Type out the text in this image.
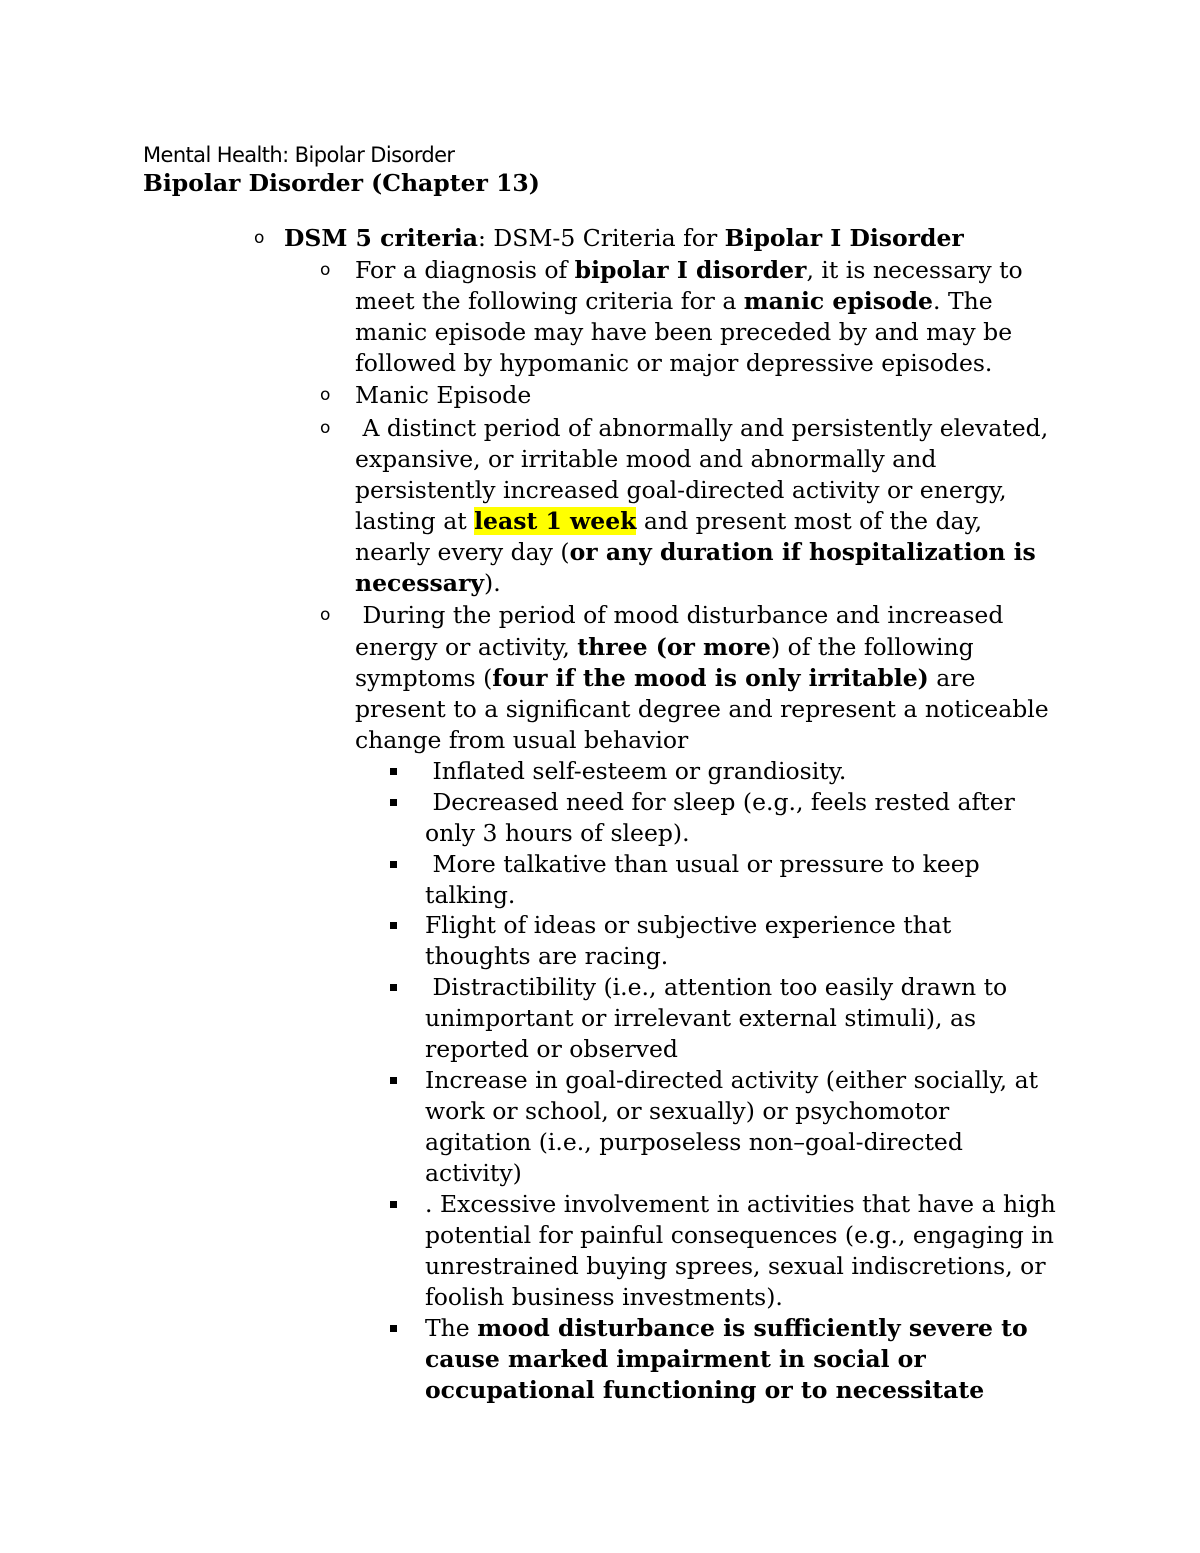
Mental Health: Bipolar Disorder
Bipolar Disorder (Chapter 13)
o DSM 5 criteria: DSM-5 Criteria for Bipolar I Disorder
o For a diagnosis of bipolar I disorder, it is necessary to
meet the following criteria for a manic episode. The
manic episode may have been preceded by and may be
followed by hypomanic or major depressive episodes.
o Manic Episode
o A distinct period of abnormally and persistently elevated,
expansive, or irritable mood and abnormally and
persistently increased goal-directed activity or energy,
lasting at least 1 week and present most of the day,
nearly every day (or any duration if hospitalization is
necessary).
o During the period of mood disturbance and increased
energy or activity, three (or more) of the following
symptoms (four if the mood is only irritable) are
present to a significant degree and represent a noticeable
change from usual behavior
Inflated self-esteem or grandiosity.
Decreased need for sleep (e.g., feels rested after
only 3 hours of sleep).
More talkative than usual or pressure to keep
talking.
Flight of ideas or subjective experience that
thoughts are racing.
Distractibility (i.e., attention too easily drawn to
unimportant or irrelevant external stimuli), as
reported or observed
Increase in goal-directed activity (either socially, at
work or school, or sexually) or psychomotor
agitation (i.e., purposeless non–goal-directed
activity)
. Excessive involvement in activities that have a high
potential for painful consequences (e.g., engaging in
unrestrained buying sprees, sexual indiscretions, or
foolish business investments).
The mood disturbance is sufficiently severe to
cause marked impairment in social or
occupational functioning or to necessitate
